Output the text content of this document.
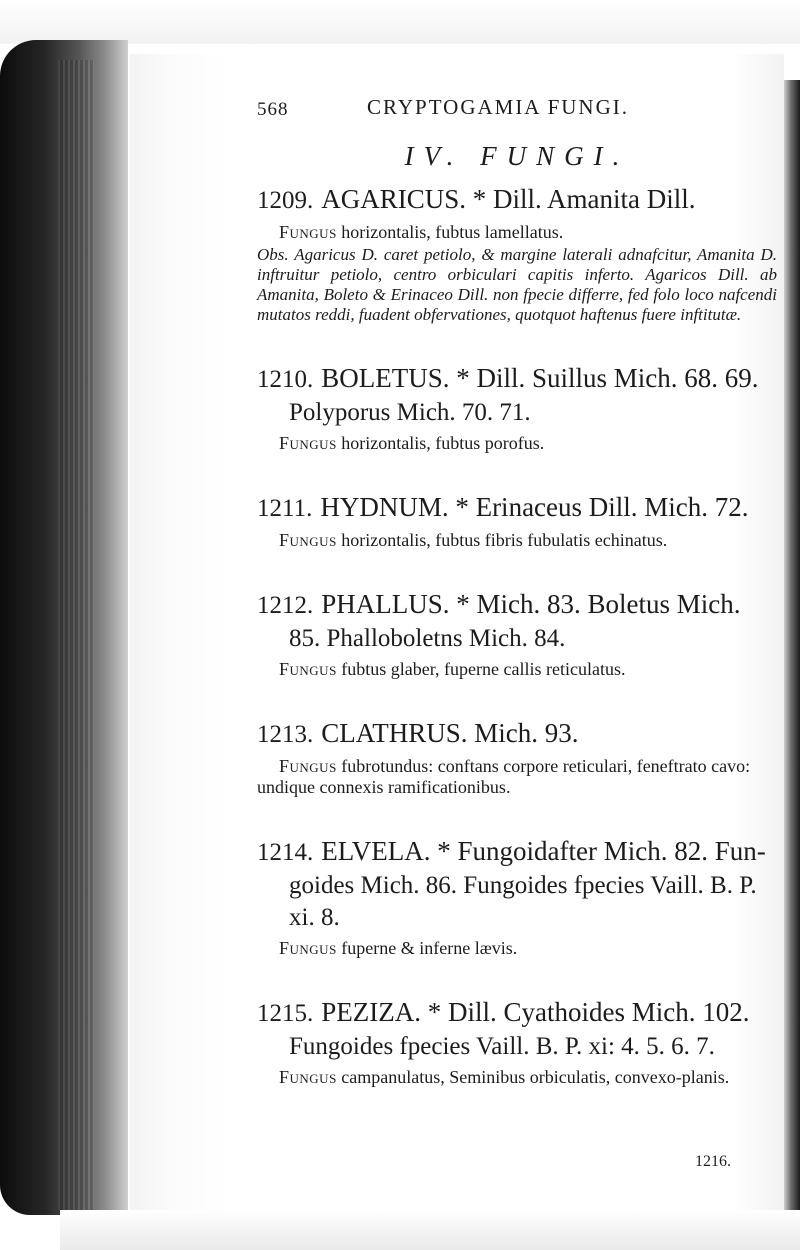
568	CRYPTOGAMIA FUNGI.
IV. FUNGI.
1209. AGARICUS. * Dill. Amanita Dill.
Fungus horizontalis, fubtus lamellatus.
Obs. Agaricus D. caret petiolo, & margine laterali adnafcitur, Amanita D. inftruitur petiolo, centro orbiculari capitis inferto. Agaricos Dill. ab Amanita, Boleto & Erinaceo Dill. non fpecie differre, fed folo loco nafcendi mutatos reddi, fuadent obfervationes, quotquot haftenus fuere inftitutæ.
1210. BOLETUS. * Dill. Suillus Mich. 68. 69.
Polyporus Mich. 70. 71.
Fungus horizontalis, fubtus porofus.
1211. HYDNUM. * Erinaceus Dill. Mich. 72.
Fungus horizontalis, fubtus fibris fubulatis echinatus.
1212. PHALLUS. * Mich. 83. Boletus Mich.
85. Phalloboletns Mich. 84.
Fungus fubtus glaber, fuperne callis reticulatus.
1213. CLATHRUS. Mich. 93.
Fungus fubrotundus: conftans corpore reticulari, feneftrato cavo: undique connexis ramificationibus.
1214. ELVELA. * Fungoidafter Mich. 82. Fun-
goides Mich. 86. Fungoides fpecies Vaill. B. P. xi. 8.
Fungus fuperne & inferne lævis.
1215. PEZIZA. * Dill. Cyathoides Mich. 102.
Fungoides fpecies Vaill. B. P. xi: 4. 5. 6. 7.
Fungus campanulatus, Seminibus orbiculatis, convexo-planis.
1216.
